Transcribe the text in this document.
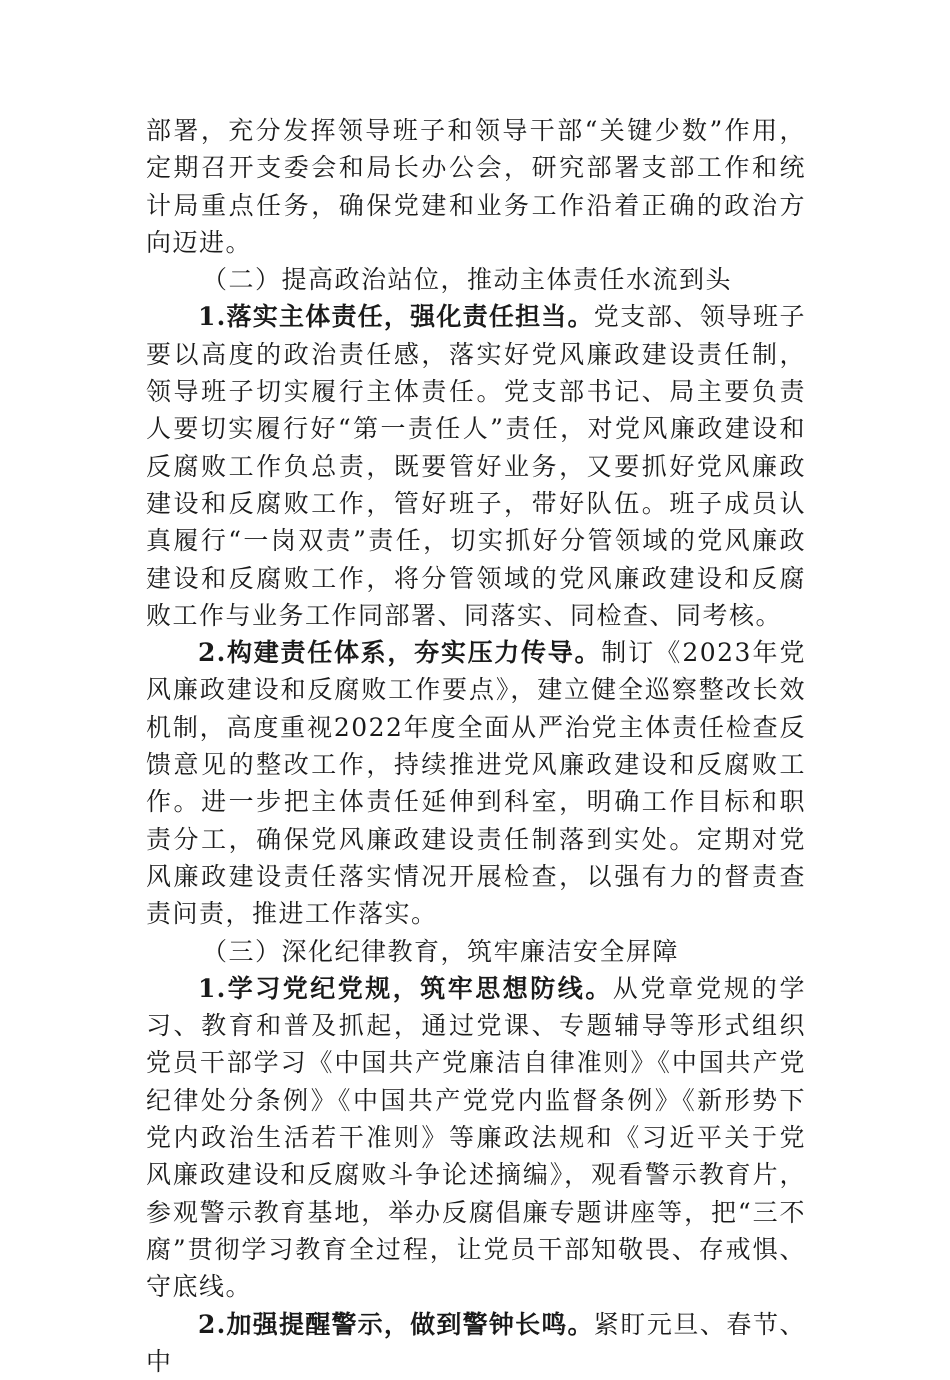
部署，充分发挥领导班子和领导干部“关键少数”作用，定期召开支委会和局长办公会，研究部署支部工作和统计局重点任务，确保党建和业务工作沿着正确的政治方向迈进。

（二）提高政治站位，推动主体责任水流到头

1.落实主体责任，强化责任担当。党支部、领导班子要以高度的政治责任感，落实好党风廉政建设责任制，领导班子切实履行主体责任。党支部书记、局主要负责人要切实履行好“第一责任人”责任，对党风廉政建设和反腐败工作负总责，既要管好业务，又要抓好党风廉政建设和反腐败工作，管好班子，带好队伍。班子成员认真履行“一岗双责”责任，切实抓好分管领域的党风廉政建设和反腐败工作，将分管领域的党风廉政建设和反腐败工作与业务工作同部署、同落实、同检查、同考核。

2.构建责任体系，夯实压力传导。制订《2023年党风廉政建设和反腐败工作要点》，建立健全巡察整改长效机制，高度重视2022年度全面从严治党主体责任检查反馈意见的整改工作，持续推进党风廉政建设和反腐败工作。进一步把主体责任延伸到科室，明确工作目标和职责分工，确保党风廉政建设责任制落到实处。定期对党风廉政建设责任落实情况开展检查，以强有力的督责查责问责，推进工作落实。

（三）深化纪律教育，筑牢廉洁安全屏障

1.学习党纪党规，筑牢思想防线。从党章党规的学习、教育和普及抓起，通过党课、专题辅导等形式组织党员干部学习《中国共产党廉洁自律准则》《中国共产党纪律处分条例》《中国共产党党内监督条例》《新形势下党内政治生活若干准则》等廉政法规和《习近平关于党风廉政建设和反腐败斗争论述摘编》，观看警示教育片，参观警示教育基地，举办反腐倡廉专题讲座等，把“三不腐”贯彻学习教育全过程，让党员干部知敬畏、存戒惧、守底线。

2.加强提醒警示，做到警钟长鸣。紧盯元旦、春节、中
